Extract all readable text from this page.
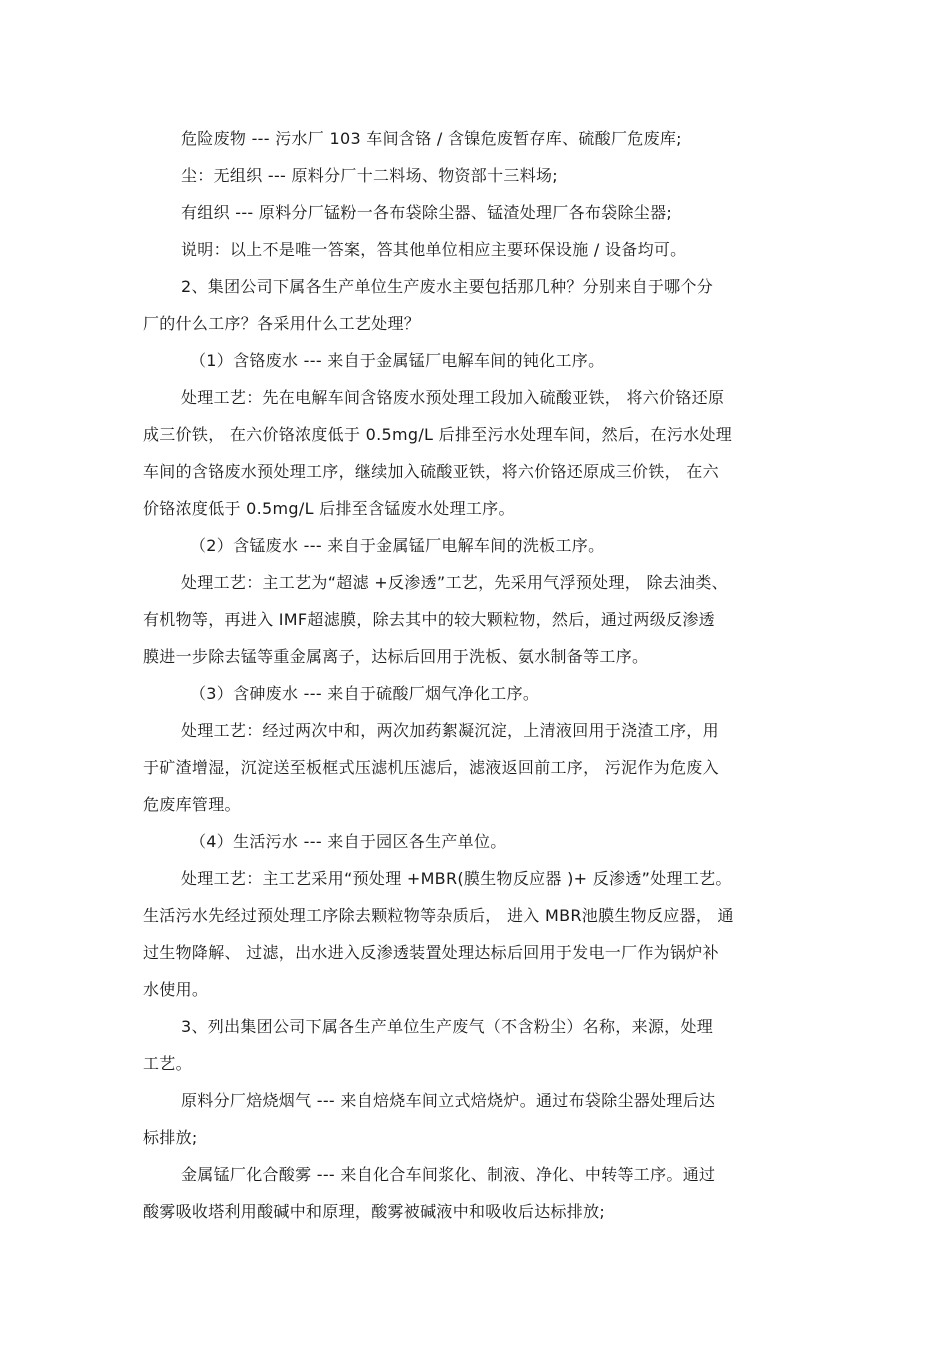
危险废物 --- 污水厂 103 车间含铬 / 含镍危废暂存库、硫酸厂危废库;
尘：无组织 --- 原料分厂十二料场、物资部十三料场;
有组织 --- 原料分厂锰粉一各布袋除尘器、锰渣处理厂各布袋除尘器;
说明：以上不是唯一答案，答其他单位相应主要环保设施 / 设备均可。
2、集团公司下属各生产单位生产废水主要包括那几种？分别来自于哪个分
厂的什么工序？各采用什么工艺处理？
（1）含铬废水 --- 来自于金属锰厂电解车间的钝化工序。
处理工艺：先在电解车间含铬废水预处理工段加入硫酸亚铁， 将六价铬还原
成三价铁， 在六价铬浓度低于 0.5mg/L 后排至污水处理车间，然后，在污水处理
车间的含铬废水预处理工序，继续加入硫酸亚铁，将六价铬还原成三价铁， 在六
价铬浓度低于 0.5mg/L 后排至含锰废水处理工序。
（2）含锰废水 --- 来自于金属锰厂电解车间的洗板工序。
处理工艺：主工艺为“超滤 +反渗透”工艺，先采用气浮预处理， 除去油类、
有机物等，再进入 IMF超滤膜，除去其中的较大颗粒物，然后，通过两级反渗透
膜进一步除去锰等重金属离子，达标后回用于洗板、氨水制备等工序。
（3）含砷废水 --- 来自于硫酸厂烟气净化工序。
处理工艺：经过两次中和，两次加药絮凝沉淀，上清液回用于浇渣工序，用
于矿渣增湿，沉淀送至板框式压滤机压滤后，滤液返回前工序， 污泥作为危废入
危废库管理。
（4）生活污水 --- 来自于园区各生产单位。
处理工艺：主工艺采用“预处理 +MBR(膜生物反应器 )+ 反渗透”处理工艺。
生活污水先经过预处理工序除去颗粒物等杂质后， 进入 MBR池膜生物反应器， 通
过生物降解、 过滤，出水进入反渗透装置处理达标后回用于发电一厂作为锅炉补
水使用。
3、列出集团公司下属各生产单位生产废气（不含粉尘）名称，来源，处理
工艺。
原料分厂焙烧烟气 --- 来自焙烧车间立式焙烧炉。通过布袋除尘器处理后达
标排放;
金属锰厂化合酸雾 --- 来自化合车间浆化、制液、净化、中转等工序。通过
酸雾吸收塔利用酸碱中和原理，酸雾被碱液中和吸收后达标排放;
